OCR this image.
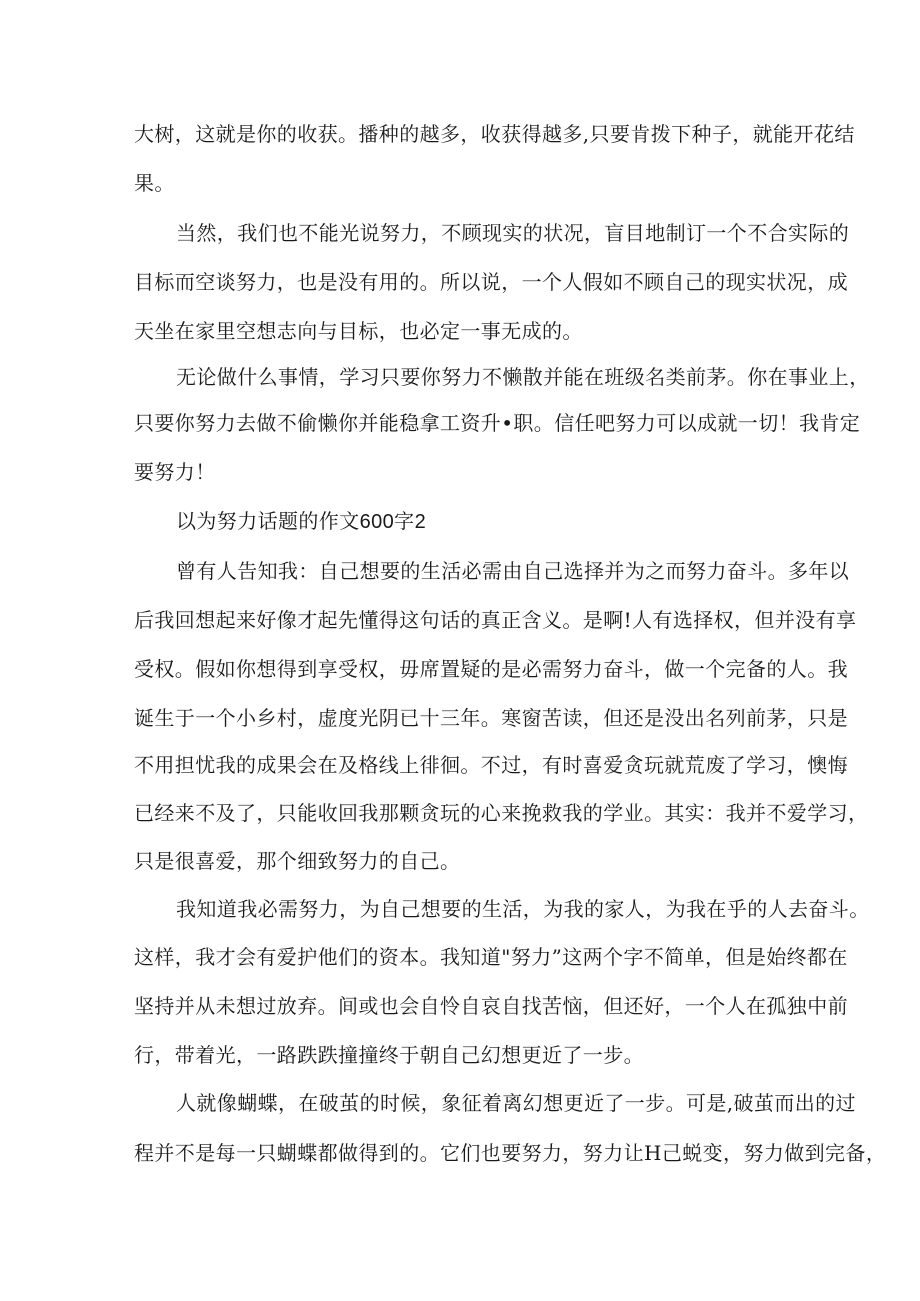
大树，这就是你的收获。播种的越多，收获得越多,只要肯拨下种子，就能开花结
果。
当然，我们也不能光说努力，不顾现实的状况，盲目地制订一个不合实际的
目标而空谈努力，也是没有用的。所以说，一个人假如不顾自己的现实状况，成
天坐在家里空想志向与目标，也必定一事无成的。
无论做什么事情，学习只要你努力不懒散并能在班级名类前茅。你在事业上，
只要你努力去做不偷懒你并能稳拿工资升•职。信任吧努力可以成就一切！我肯定
要努力！
以为努力话题的作文600字2
曾有人告知我：自己想要的生活必需由自己选择并为之而努力奋斗。多年以
后我回想起来好像才起先懂得这句话的真正含义。是啊!人有选择权，但并没有享
受权。假如你想得到享受权，毋席置疑的是必需努力奋斗，做一个完备的人。我
诞生于一个小乡村，虚度光阴已十三年。寒窗苦读，但还是没出名列前茅，只是
不用担忧我的成果会在及格线上徘徊。不过，有时喜爱贪玩就荒废了学习，懊悔
已经来不及了，只能收回我那颗贪玩的心来挽救我的学业。其实：我并不爱学习，
只是很喜爱，那个细致努力的自己。
我知道我必需努力，为自己想要的生活，为我的家人，为我在乎的人去奋斗。
这样，我才会有爱护他们的资本。我知道"努力”这两个字不简单，但是始终都在
坚持并从未想过放弃。间或也会自怜自哀自找苦恼，但还好，一个人在孤独中前
行，带着光，一路跌跌撞撞终于朝自己幻想更近了一步。
人就像蝴蝶，在破茧的时候，象征着离幻想更近了一步。可是,破茧而出的过
程并不是每一只蝴蝶都做得到的。它们也要努力，努力让H己蜕变，努力做到完备，
